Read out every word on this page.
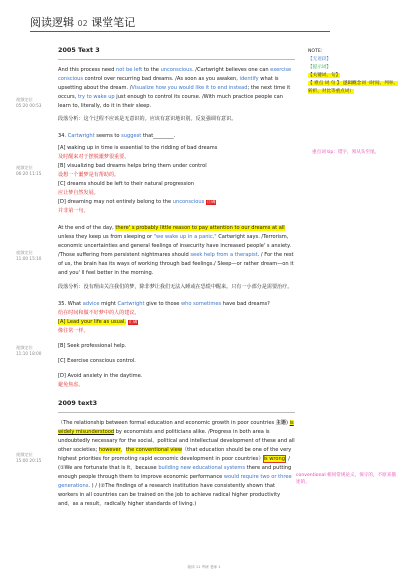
阅读逻辑 02 课堂笔记
视频定位
05:20 00:53
视频定位
06:20 11:15
视频定位
11:00 15:10
视频定位
11:10 18:00
视频定位
15:00 20:15
2005 Text 3

And this process need not be left to the unconscious. /Cartwright believes one can exercise conscious control over recurring bad dreams. /As soon as you awaken, identify what is upsetting about the dream. /Visualize how you would like it to end instead; the next time it occurs, try to wake up just enough to control its course. /With much practice people can learn to, literally, do it in their sleep.

段落分析：这个过程不应该是无意识的。应该有意识地识别。反复强调有意识。

34. Cartwright seems to suggest that________.

[A] waking up in time is essential to the ridding of bad dreams

及时醒来对于摆脱噩梦很重要。

[B] visualizing bad dreams helps bring them under control

设想一个噩梦是有帮助的。

[C] dreams should be left to their natural progression

应让梦自然发展。

[D] dreaming may not entirely belong to the unconscious 正确

并非第一句。

At the end of the day, there' s probably little reason to pay attention to our dreams at all unless they keep us from sleeping or "we wake up in a panic," Cartwright says. /Terrorism, economic uncertainties and general feelings of insecurity have increased people' s anxiety. /Those suffering from persistent nightmares should seek help from a therapist. / For the rest of us, the brain has its ways of working through bad feelings./ Sleep—or rather dream—on it and you' ll feel better in the morning.

段落分析：没有理由关注我们的梦，除非梦让我们无法入睡或在恐慌中醒来。只有一小部分是需要治疗。

35. What advice might Cartwright give to those who sometimes have bad dreams?

给在时间和做不好梦中的人的建议。

[A] Lead your life as usual. 正确

像往常一样。

[B] Seek professional help.

[C] Exercise conscious control.

[D] Avoid anxiety in the daytime.

避免焦虑。

2009 text3

（The relationship between formal education and economic growth in poor countries 主语) is widely misunderstood by economists and politicians alike. /Progress in both area is undoubtedly necessary for the social、political and intellectual development of these and all other societies; however，the conventional view（that education should be one of the very highest priorities for promoting rapid economic development in poor countries）is wrong. / (①We are fortunate that is it，because building new educational systems there and putting enough people through them to improve economic performance would require two or three generations. ) / (②The findings of a research institution have consistently shown that workers in all countries can be trained on the job to achieve radical higher productivity and，as a result，radically higher standards of living.)

NOTE:

【无迹段】

【提示词】

【关键词、句】

【 难点 词 句 】 逻辑概念词（时间、列举、转折、对比等重点词）

重点词 tip：错字，须从头至尾。
conventional 相同常规论义，保守的，不原来描述的。
阅读 11 考研 老师 1
